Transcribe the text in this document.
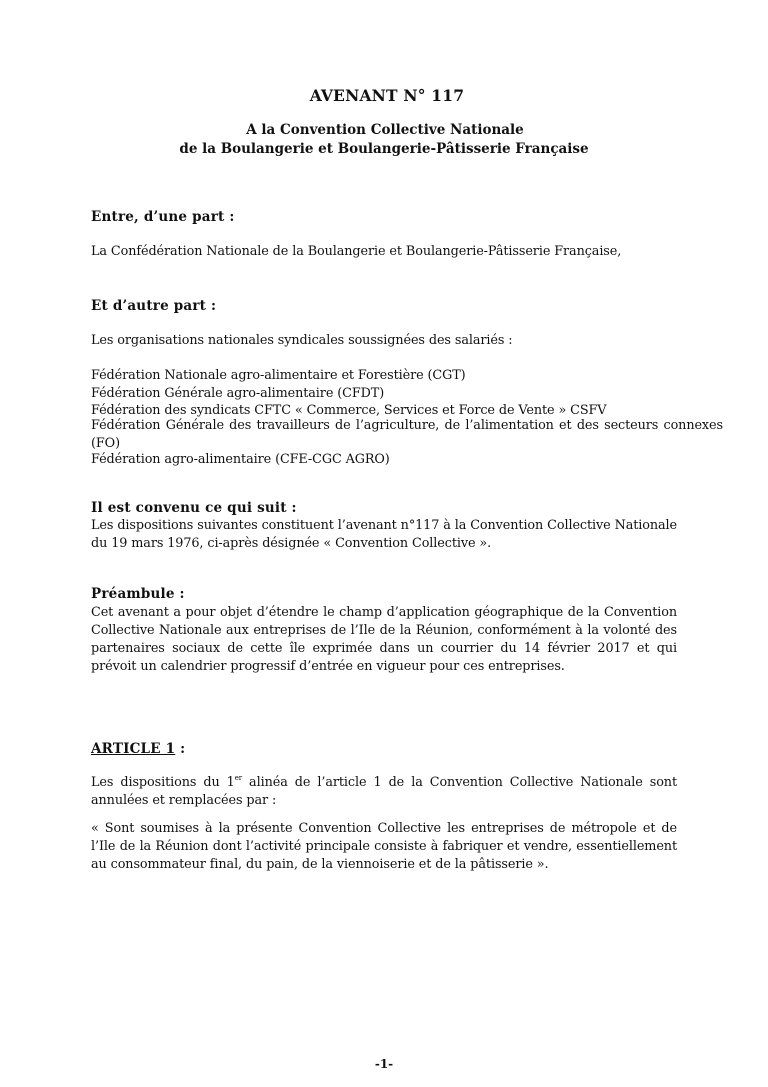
AVENANT N° 117
A la Convention Collective Nationale
de la Boulangerie et Boulangerie-Pâtisserie Française
Entre, d’une part :
La Confédération Nationale de la Boulangerie et Boulangerie-Pâtisserie Française,
Et d’autre part :
Les organisations nationales syndicales soussignées des salariés :
Fédération Nationale agro-alimentaire et Forestière (CGT)
Fédération Générale agro-alimentaire (CFDT)
Fédération des syndicats CFTC « Commerce, Services et Force de Vente » CSFV
Fédération Générale des travailleurs de l’agriculture, de l’alimentation et des secteurs connexes (FO)
Fédération agro-alimentaire (CFE-CGC AGRO)
Il est convenu ce qui suit :
Les dispositions suivantes constituent l’avenant n°117 à la Convention Collective Nationale du 19 mars 1976, ci-après désignée « Convention Collective ».
Préambule :
Cet avenant a pour objet d’étendre le champ d’application géographique de la Convention Collective Nationale aux entreprises de l’Ile de la Réunion, conformément à la volonté des partenaires sociaux de cette île exprimée dans un courrier du 14 février 2017 et qui prévoit un calendrier progressif d’entrée en vigueur pour ces entreprises.
ARTICLE 1 :
Les dispositions du 1er alinéa de l’article 1 de la Convention Collective Nationale sont annulées et remplacées par :
« Sont soumises à la présente Convention Collective les entreprises de métropole et de l’Ile de la Réunion dont l’activité principale consiste à fabriquer et vendre, essentiellement au consommateur final, du pain, de la viennoiserie et de la pâtisserie ».
-1-
